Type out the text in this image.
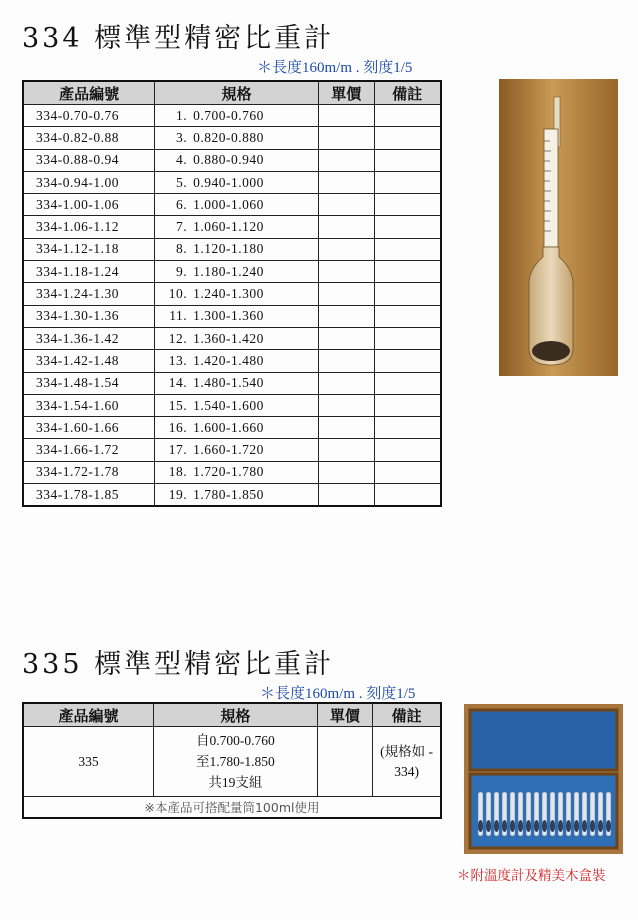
334 標準型精密比重計
＊長度160m/m . 刻度1/5
產品編號	規格	單價	備註
334-0.70-0.76	1. 0.700-0.760		
334-0.82-0.88	3. 0.820-0.880		
334-0.88-0.94	4. 0.880-0.940		
334-0.94-1.00	5. 0.940-1.000		
334-1.00-1.06	6. 1.000-1.060		
334-1.06-1.12	7. 1.060-1.120		
334-1.12-1.18	8. 1.120-1.180		
334-1.18-1.24	9. 1.180-1.240		
334-1.24-1.30	10. 1.240-1.300		
334-1.30-1.36	11. 1.300-1.360		
334-1.36-1.42	12. 1.360-1.420		
334-1.42-1.48	13. 1.420-1.480		
334-1.48-1.54	14. 1.480-1.540		
334-1.54-1.60	15. 1.540-1.600		
334-1.60-1.66	16. 1.600-1.660		
334-1.66-1.72	17. 1.660-1.720		
334-1.72-1.78	18. 1.720-1.780		
334-1.78-1.85	19. 1.780-1.850		
335 標準型精密比重計
＊長度160m/m . 刻度1/5
產品編號	規格	單價	備註
335	自0.700-0.760
至1.780-1.850
共19支組		(規格如 - 334)
※本產品可搭配量筒100ml使用			
＊附溫度計及精美木盒裝
